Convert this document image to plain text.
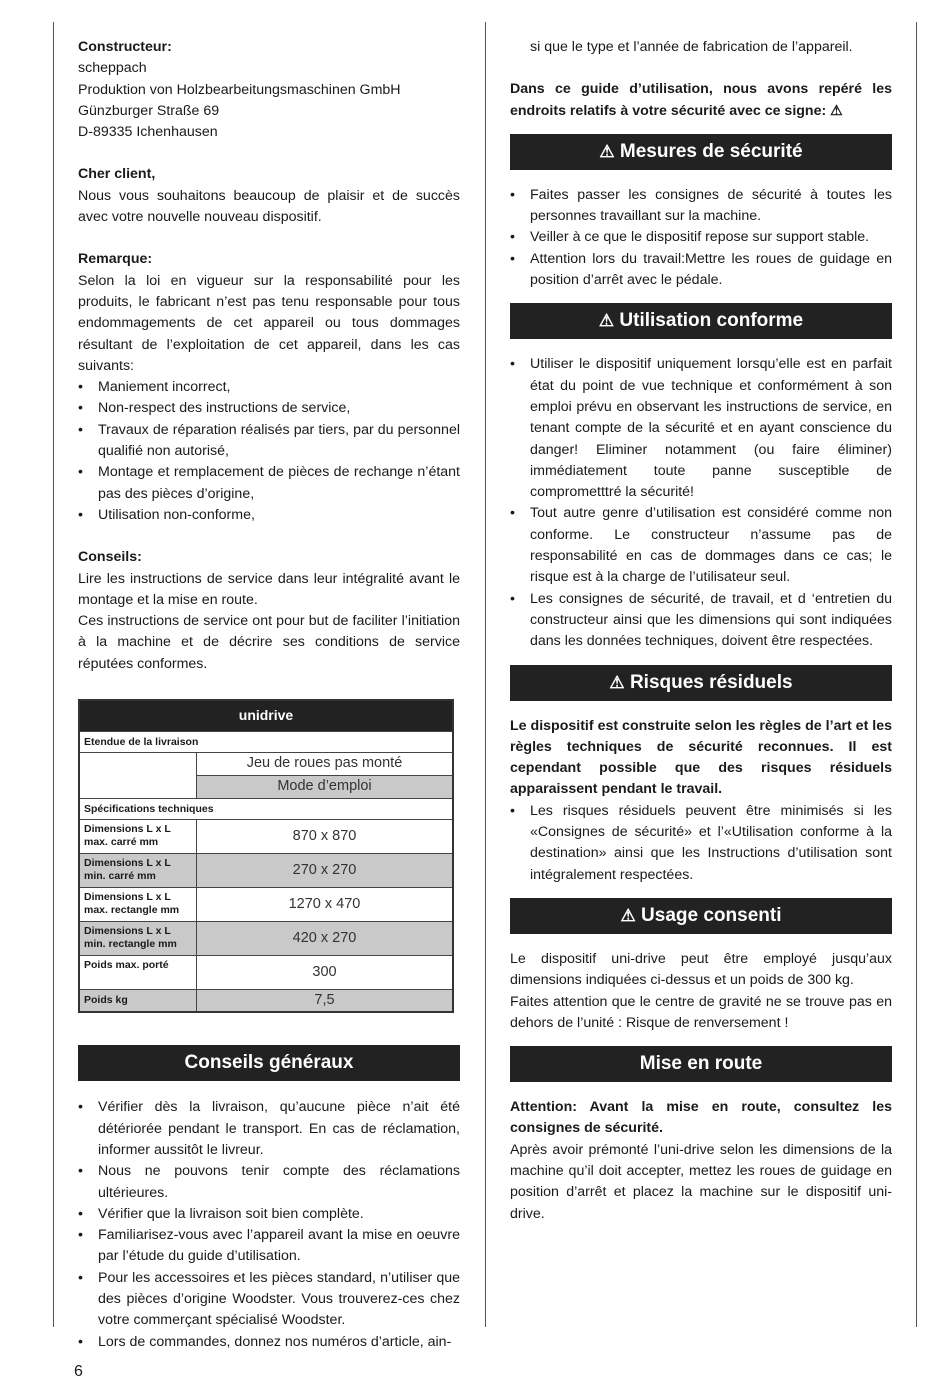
Constructeur:

scheppach

Produktion von Holzbearbeitungsmaschinen GmbH

Günzburger Straße 69

D-89335 Ichenhausen

Cher client,

Nous vous souhaitons beaucoup de plaisir et de succès avec votre nouvelle nouveau dispositif.

Remarque:

Selon la loi en vigueur sur la responsabilité pour les produits, le fabricant n’est pas tenu responsable pour tous endommagements de cet appareil ou tous dommages résultant de l’exploitation de cet appareil, dans les cas suivants:

• Maniement incorrect,
• Non-respect des instructions de service,
• Travaux de réparation réalisés par tiers, par du personnel qualifié non autorisé,
• Montage et remplacement de pièces de rechange n’étant pas des pièces d’origine,
• Utilisation non-conforme,

Conseils:

Lire les instructions de service dans leur intégralité avant le montage et la mise en route.

Ces instructions de service ont pour but de faciliter l’initiation à la machine et de décrire ses conditions de service réputées conformes.

unidrive	
Etendue de la livraison	
	Jeu de roues pas monté
	Mode d’emploi
Spécifications techniques	
Dimensions L x L max. carré mm	870 x 870
Dimensions L x L min. carré mm	270 x 270
Dimensions L x L max. rectangle mm	1270 x 470
Dimensions L x L min. rectangle mm	420 x 270
Poids max. porté	300
Poids kg	7,5

Conseils généraux

• Vérifier dès la livraison, qu’aucune pièce n’ait été détériorée pendant le transport. En cas de réclamation, informer aussitôt le livreur.
• Nous ne pouvons tenir compte des réclamations ultérieures.
• Vérifier que la livraison soit bien complète.
• Familiarisez-vous avec l’appareil avant la mise en oeuvre par l’étude du guide d’utilisation.
• Pour les accessoires et les pièces standard, n’utiliser que des pièces d’origine Woodster. Vous trouverez-ces chez votre commerçant spécialisé Woodster.
• Lors de commandes, donnez nos numéros d’article, ain-

si que le type et l’année de fabrication de l’appareil.

Dans ce guide d’utilisation, nous avons repéré les endroits relatifs à votre sécurité avec ce signe: ⚠

⚠ Mesures de sécurité

• Faites passer les consignes de sécurité à toutes les personnes travaillant sur la machine.
• Veiller à ce que le dispositif repose sur support stable.
• Attention lors du travail:Mettre les roues de guidage en position d’arrêt avec le pédale.

⚠ Utilisation conforme

• Utiliser le dispositif uniquement lorsqu’elle est en parfait état du point de vue technique et conformément à son emploi prévu en observant les instructions de service, en tenant compte de la sécurité et en ayant conscience du danger! Eliminer notamment (ou faire éliminer) immédiatement toute panne susceptible de comprometttré la sécurité!
• Tout autre genre d’utilisation est considéré comme non conforme. Le constructeur n’assume pas de responsabilité en cas de dommages dans ce cas; le risque est à la charge de l’utilisateur seul.
• Les consignes de sécurité, de travail, et d ‘entretien du constructeur ainsi que les dimensions qui sont indiquées dans les données techniques, doivent être respectées.

⚠ Risques résiduels

Le dispositif est construite selon les règles de l’art et les règles techniques de sécurité reconnues. Il est cependant possible que des risques résiduels apparaissent pendant le travail.

• Les risques résiduels peuvent être minimisés si les «Consignes de sécurité» et l’«Utilisation conforme à la destination» ainsi que les Instructions d’utilisation sont intégralement respectées.

⚠ Usage consenti

Le dispositif uni-drive peut être employé jusqu’aux dimensions indiquées ci-dessus et un poids de 300 kg.

Faites attention que le centre de gravité ne se trouve pas en dehors de l’unité : Risque de renversement !

Mise en route

Attention: Avant la mise en route, consultez les consignes de sécurité.

Après avoir prémonté l’uni-drive selon les dimensions de la machine qu’il doit accepter, mettez les roues de guidage en position d’arrêt et placez la machine sur le dispositif uni-drive.

6
